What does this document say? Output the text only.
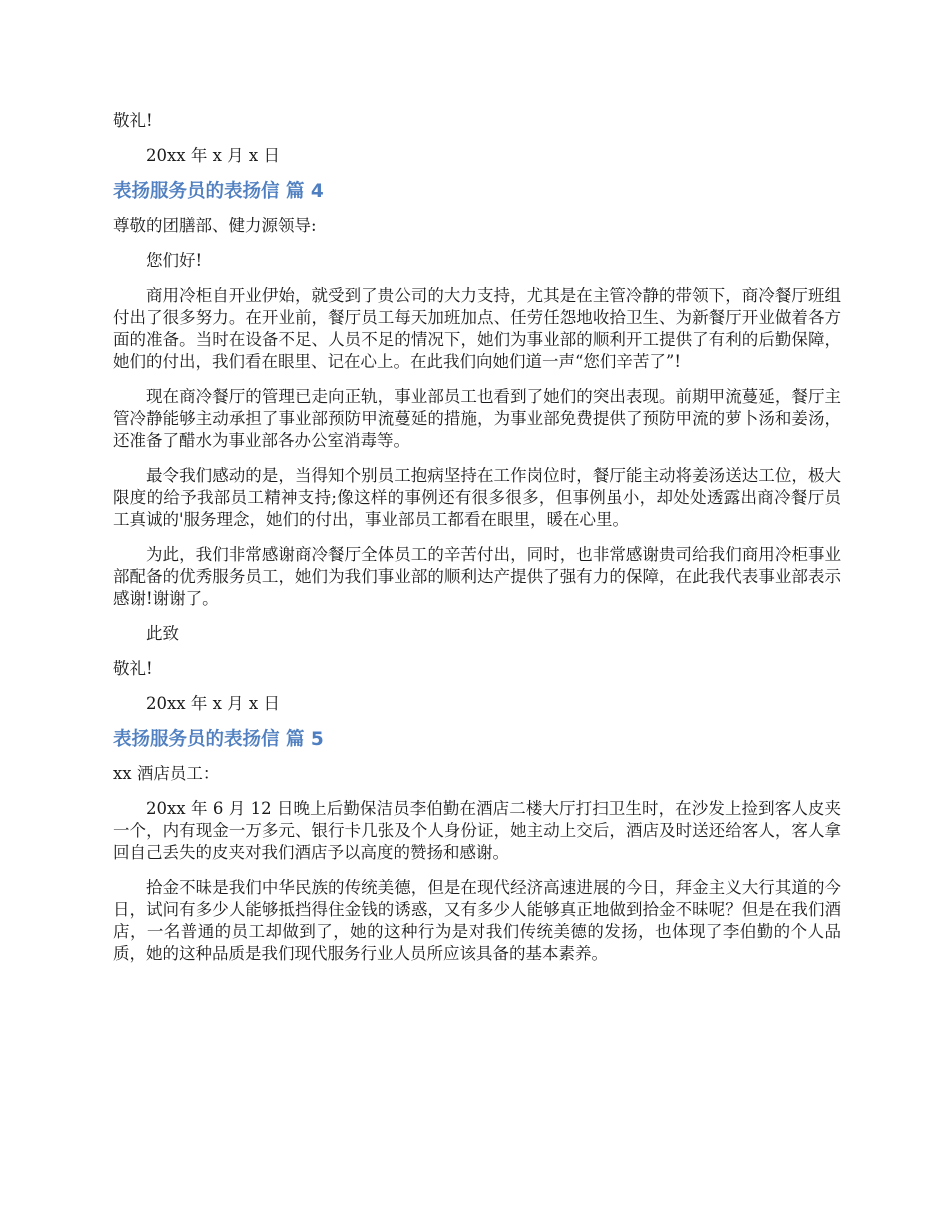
敬礼!
20xx 年 x 月 x 日
表扬服务员的表扬信 篇 4
尊敬的团膳部、健力源领导:
您们好!
商用冷柜自开业伊始，就受到了贵公司的大力支持，尤其是在主管冷静的带领下，商冷餐厅班组付出了很多努力。在开业前，餐厅员工每天加班加点、任劳任怨地收拾卫生、为新餐厅开业做着各方面的准备。当时在设备不足、人员不足的情况下，她们为事业部的顺利开工提供了有利的后勤保障，她们的付出，我们看在眼里、记在心上。在此我们向她们道一声“您们辛苦了”!
现在商冷餐厅的管理已走向正轨，事业部员工也看到了她们的突出表现。前期甲流蔓延，餐厅主管冷静能够主动承担了事业部预防甲流蔓延的措施，为事业部免费提供了预防甲流的萝卜汤和姜汤，还准备了醋水为事业部各办公室消毒等。
最令我们感动的是，当得知个别员工抱病坚持在工作岗位时，餐厅能主动将姜汤送达工位，极大限度的给予我部员工精神支持;像这样的事例还有很多很多，但事例虽小，却处处透露出商冷餐厅员工真诚的'服务理念，她们的付出，事业部员工都看在眼里，暖在心里。
为此，我们非常感谢商冷餐厅全体员工的辛苦付出，同时，也非常感谢贵司给我们商用冷柜事业部配备的优秀服务员工，她们为我们事业部的顺利达产提供了强有力的保障，在此我代表事业部表示感谢!谢谢了。
此致
敬礼!
20xx 年 x 月 x 日
表扬服务员的表扬信 篇 5
xx 酒店员工：
20xx 年 6 月 12 日晚上后勤保洁员李伯勤在酒店二楼大厅打扫卫生时，在沙发上捡到客人皮夹一个，内有现金一万多元、银行卡几张及个人身份证，她主动上交后，酒店及时送还给客人，客人拿回自己丢失的皮夹对我们酒店予以高度的赞扬和感谢。
拾金不昧是我们中华民族的传统美德，但是在现代经济高速进展的今日，拜金主义大行其道的今日，试问有多少人能够抵挡得住金钱的诱惑，又有多少人能够真正地做到拾金不昧呢？但是在我们酒店，一名普通的员工却做到了，她的这种行为是对我们传统美德的发扬，也体现了李伯勤的个人品质，她的这种品质是我们现代服务行业人员所应该具备的基本素养。
